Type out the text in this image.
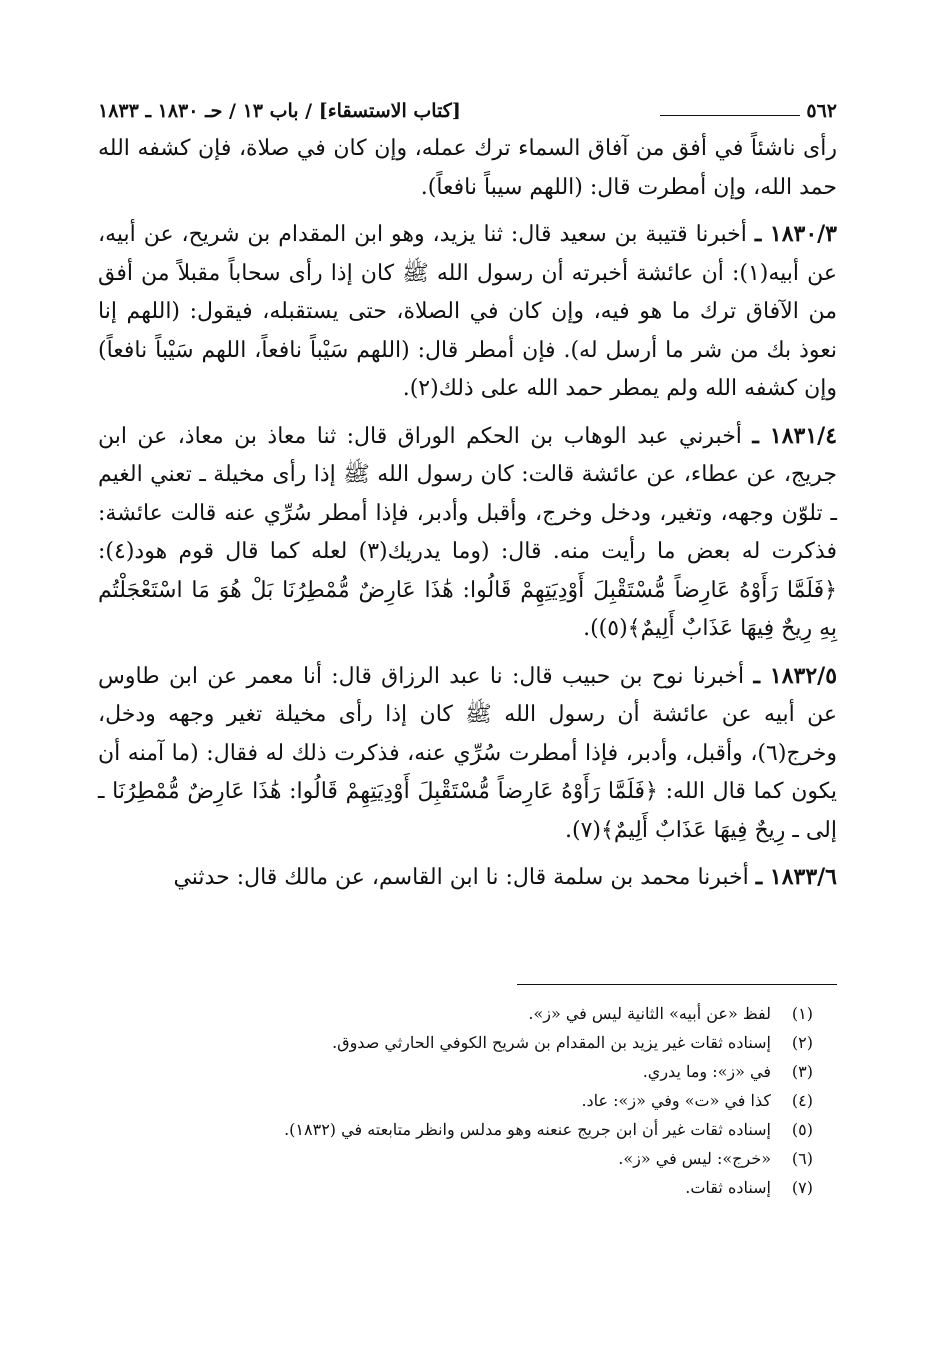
٥٦٢
[كتاب الاستسقاء] / باب ١٣ / حـ ١٨٣٠ ـ ١٨٣٣

رأى ناشئاً في أفق من آفاق السماء ترك عمله، وإن كان في صلاة، فإن كشفه الله حمد الله، وإن أمطرت قال: (اللهم سيباً نافعاً).

١٨٣٠/٣ ـ أخبرنا قتيبة بن سعيد قال: ثنا يزيد، وهو ابن المقدام بن شريح، عن أبيه، عن أبيه(١): أن عائشة أخبرته أن رسول الله ﷺ كان إذا رأى سحاباً مقبلاً من أفق من الآفاق ترك ما هو فيه، وإن كان في الصلاة، حتى يستقبله، فيقول: (اللهم إنا نعوذ بك من شر ما أرسل له). فإن أمطر قال: (اللهم سَيْباً نافعاً، اللهم سَيْباً نافعاً) وإن كشفه الله ولم يمطر حمد الله على ذلك(٢).

١٨٣١/٤ ـ أخبرني عبد الوهاب بن الحكم الوراق قال: ثنا معاذ بن معاذ، عن ابن جريج، عن عطاء، عن عائشة قالت: كان رسول الله ﷺ إذا رأى مخيلة ـ تعني الغيم ـ تلوّن وجهه، وتغير، ودخل وخرج، وأقبل وأدبر، فإذا أمطر سُرِّي عنه قالت عائشة: فذكرت له بعض ما رأيت منه. قال: (وما يدريك(٣) لعله كما قال قوم هود(٤): ﴿فَلَمَّا رَأَوْهُ عَارِضاً مُّسْتَقْبِلَ أَوْدِيَتِهِمْ قَالُوا: هَٰذَا عَارِضٌ مُّمْطِرُنَا بَلْ هُوَ مَا اسْتَعْجَلْتُم بِهِ رِيحٌ فِيهَا عَذَابٌ أَلِيمٌ﴾(٥)).

١٨٣٢/٥ ـ أخبرنا نوح بن حبيب قال: نا عبد الرزاق قال: أنا معمر عن ابن طاوس عن أبيه عن عائشة أن رسول الله ﷺ كان إذا رأى مخيلة تغير وجهه ودخل، وخرج(٦)، وأقبل، وأدبر، فإذا أمطرت سُرِّي عنه، فذكرت ذلك له فقال: (ما آمنه أن يكون كما قال الله: ﴿فَلَمَّا رَأَوْهُ عَارِضاً مُّسْتَقْبِلَ أَوْدِيَتِهِمْ قَالُوا: هَٰذَا عَارِضٌ مُّمْطِرُنَا ـ إلى ـ رِيحٌ فِيهَا عَذَابٌ أَلِيمٌ﴾(٧).

١٨٣٣/٦ ـ أخبرنا محمد بن سلمة قال: نا ابن القاسم، عن مالك قال: حدثني

(١)
لفظ «عن أبيه» الثانية ليس في «ز».
(٢)
إسناده ثقات غير يزيد بن المقدام بن شريح الكوفي الحارثي صدوق.
(٣)
في «ز»: وما يدري.
(٤)
كذا في «ت» وفي «ز»: عاد.
(٥)
إسناده ثقات غير أن ابن جريج عنعنه وهو مدلس وانظر متابعته في (١٨٣٢).
(٦)
«خرج»: ليس في «ز».
(٧)
إسناده ثقات.
